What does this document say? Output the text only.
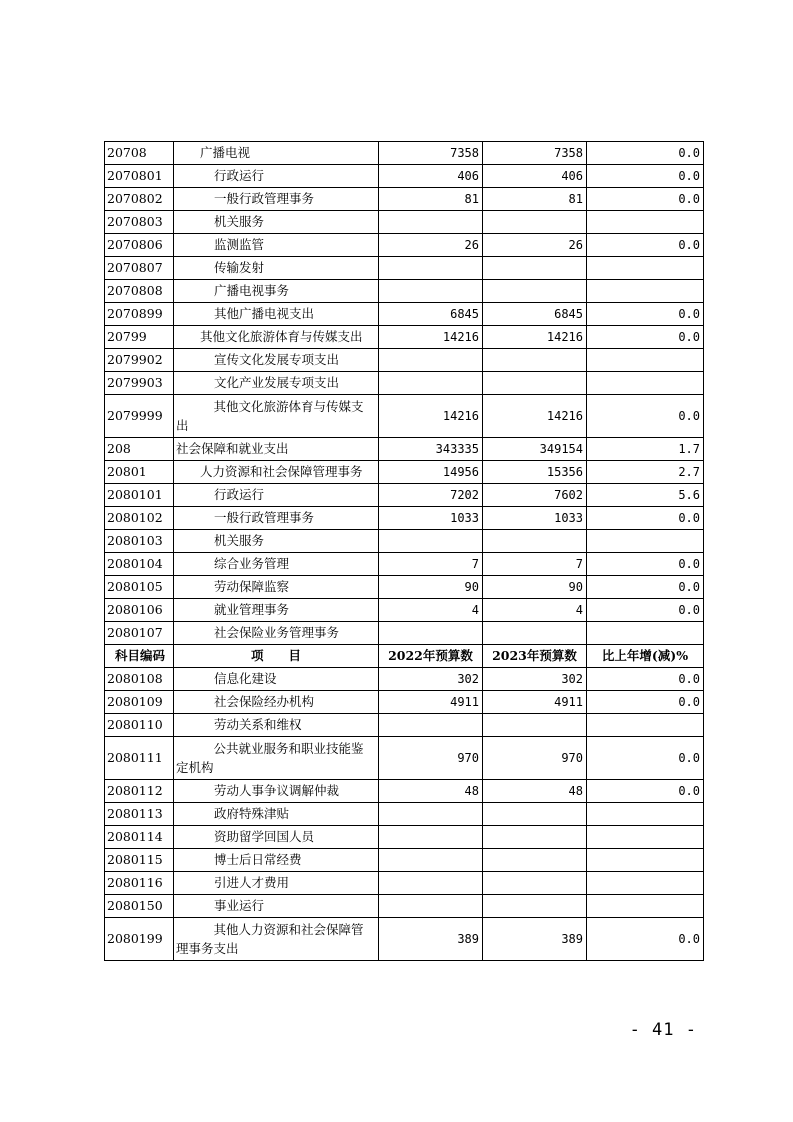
20708	广播电视	7358	7358	0.0
2070801	行政运行	406	406	0.0
2070802	一般行政管理事务	81	81	0.0
2070803	机关服务			
2070806	监测监管	26	26	0.0
2070807	传输发射			
2070808	广播电视事务			
2070899	其他广播电视支出	6845	6845	0.0
20799	其他文化旅游体育与传媒支出	14216	14216	0.0
2079902	宣传文化发展专项支出			
2079903	文化产业发展专项支出			
2079999	　　　其他文化旅游体育与传媒支出	14216	14216	0.0
208	社会保障和就业支出	343335	349154	1.7
20801	人力资源和社会保障管理事务	14956	15356	2.7
2080101	行政运行	7202	7602	5.6
2080102	一般行政管理事务	1033	1033	0.0
2080103	机关服务			
2080104	综合业务管理	7	7	0.0
2080105	劳动保障监察	90	90	0.0
2080106	就业管理事务	4	4	0.0
2080107	社会保险业务管理事务			
科目编码	项　　目	2022年预算数	2023年预算数	比上年增(减)%
2080108	信息化建设	302	302	0.0
2080109	社会保险经办机构	4911	4911	0.0
2080110	劳动关系和维权			
2080111	　　　公共就业服务和职业技能鉴定机构	970	970	0.0
2080112	劳动人事争议调解仲裁	48	48	0.0
2080113	政府特殊津贴			
2080114	资助留学回国人员			
2080115	博士后日常经费			
2080116	引进人才费用			
2080150	事业运行			
2080199	　　　其他人力资源和社会保障管理事务支出	389	389	0.0
- 41 -
